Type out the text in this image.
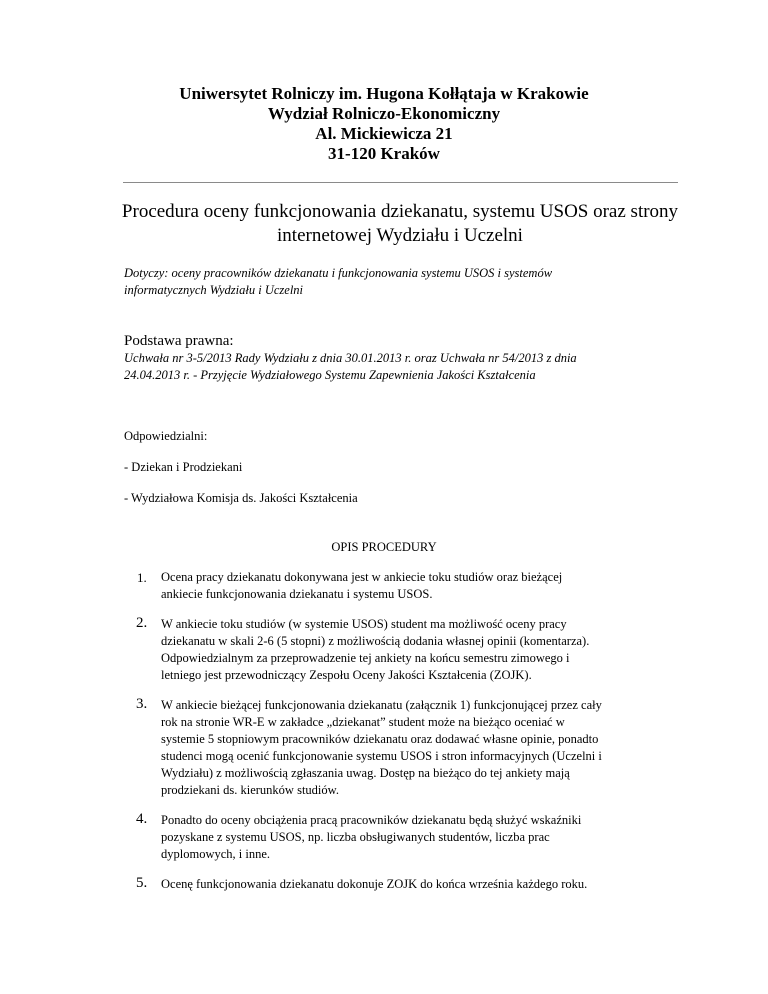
Uniwersytet Rolniczy im. Hugona Kołłątaja w Krakowie
Wydział Rolniczo-Ekonomiczny
Al. Mickiewicza 21
31-120 Kraków
Procedura oceny funkcjonowania dziekanatu, systemu USOS oraz strony
internetowej Wydziału i Uczelni
Dotyczy: oceny pracowników dziekanatu i funkcjonowania systemu USOS i systemów
informatycznych Wydziału i Uczelni
Podstawa prawna:
Uchwała nr 3-5/2013 Rady Wydziału z dnia 30.01.2013 r. oraz Uchwała nr 54/2013 z dnia
24.04.2013 r. - Przyjęcie Wydziałowego Systemu Zapewnienia Jakości Kształcenia
Odpowiedzialni:
- Dziekan i Prodziekani
- Wydziałowa Komisja ds. Jakości Kształcenia
OPIS PROCEDURY
1. Ocena pracy dziekanatu dokonywana jest w ankiecie toku studiów oraz bieżącej
ankiecie funkcjonowania dziekanatu i systemu USOS.
2. W ankiecie toku studiów (w systemie USOS) student ma możliwość oceny pracy
dziekanatu w skali 2-6 (5 stopni) z możliwością dodania własnej opinii (komentarza).
Odpowiedzialnym za przeprowadzenie tej ankiety na końcu semestru zimowego i
letniego jest przewodniczący Zespołu Oceny Jakości Kształcenia (ZOJK).
3. W ankiecie bieżącej funkcjonowania dziekanatu (załącznik 1) funkcjonującej przez cały
rok na stronie WR-E w zakładce „dziekanat” student może na bieżąco oceniać w
systemie 5 stopniowym pracowników dziekanatu oraz dodawać własne opinie, ponadto
studenci mogą ocenić funkcjonowanie systemu USOS i stron informacyjnych (Uczelni i
Wydziału) z możliwością zgłaszania uwag. Dostęp na bieżąco do tej ankiety mają
prodziekani ds. kierunków studiów.
4. Ponadto do oceny obciążenia pracą pracowników dziekanatu będą służyć wskaźniki
pozyskane z systemu USOS, np. liczba obsługiwanych studentów, liczba prac
dyplomowych, i inne.
5. Ocenę funkcjonowania dziekanatu dokonuje ZOJK do końca września każdego roku.
